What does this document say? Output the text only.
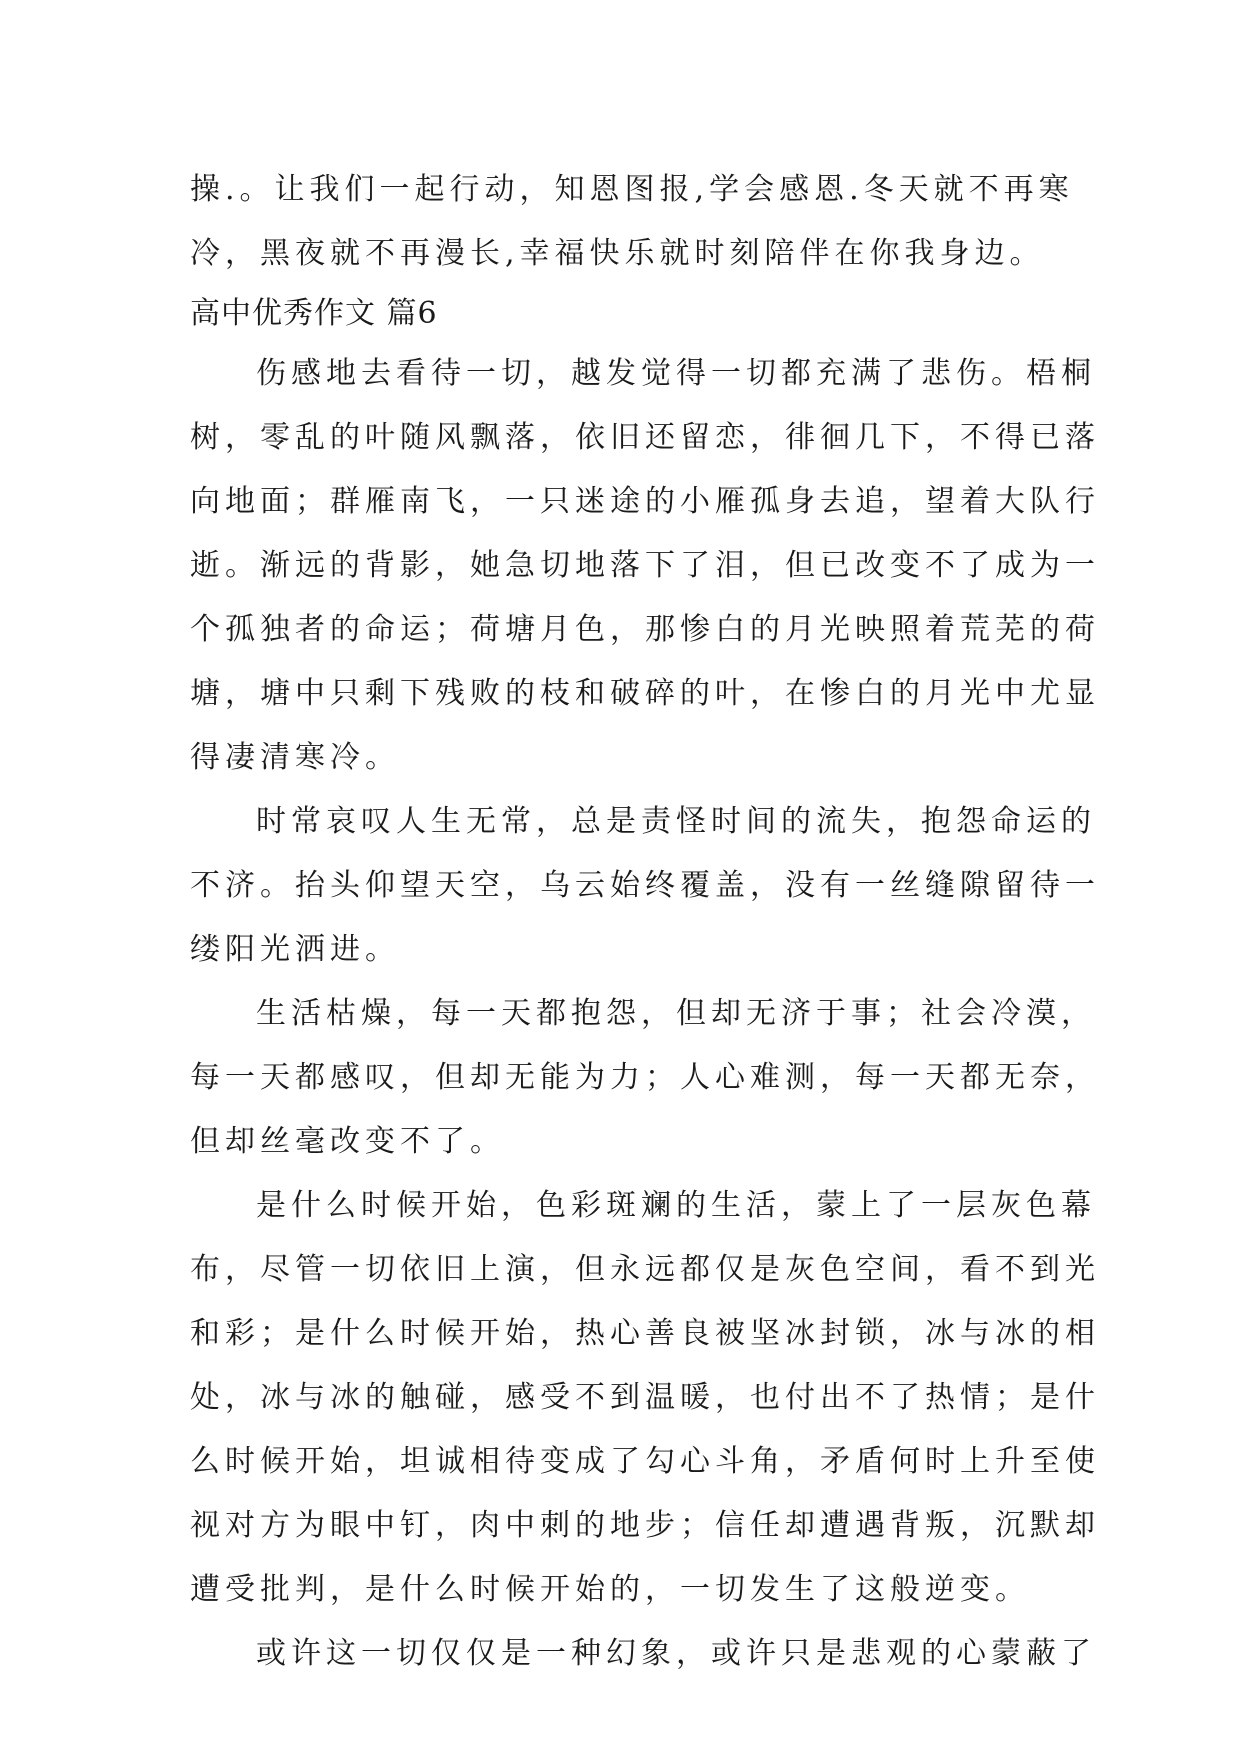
操.。让我们一起行动，知恩图报,学会感恩.冬天就不再寒
冷，黑夜就不再漫长,幸福快乐就时刻陪伴在你我身边。
高中优秀作文 篇6
伤感地去看待一切，越发觉得一切都充满了悲伤。梧桐
树，零乱的叶随风飘落，依旧还留恋，徘徊几下，不得已落
向地面；群雁南飞，一只迷途的小雁孤身去追，望着大队行
逝。渐远的背影，她急切地落下了泪，但已改变不了成为一
个孤独者的命运；荷塘月色，那惨白的月光映照着荒芜的荷
塘，塘中只剩下残败的枝和破碎的叶，在惨白的月光中尤显
得凄清寒冷。
时常哀叹人生无常，总是责怪时间的流失，抱怨命运的
不济。抬头仰望天空，乌云始终覆盖，没有一丝缝隙留待一
缕阳光洒进。
生活枯燥，每一天都抱怨，但却无济于事；社会冷漠，
每一天都感叹，但却无能为力；人心难测，每一天都无奈，
但却丝毫改变不了。
是什么时候开始，色彩斑斓的生活，蒙上了一层灰色幕
布，尽管一切依旧上演，但永远都仅是灰色空间，看不到光
和彩；是什么时候开始，热心善良被坚冰封锁，冰与冰的相
处，冰与冰的触碰，感受不到温暖，也付出不了热情；是什
么时候开始，坦诚相待变成了勾心斗角，矛盾何时上升至使
视对方为眼中钉，肉中刺的地步；信任却遭遇背叛，沉默却
遭受批判，是什么时候开始的，一切发生了这般逆变。
或许这一切仅仅是一种幻象，或许只是悲观的心蒙蔽了
